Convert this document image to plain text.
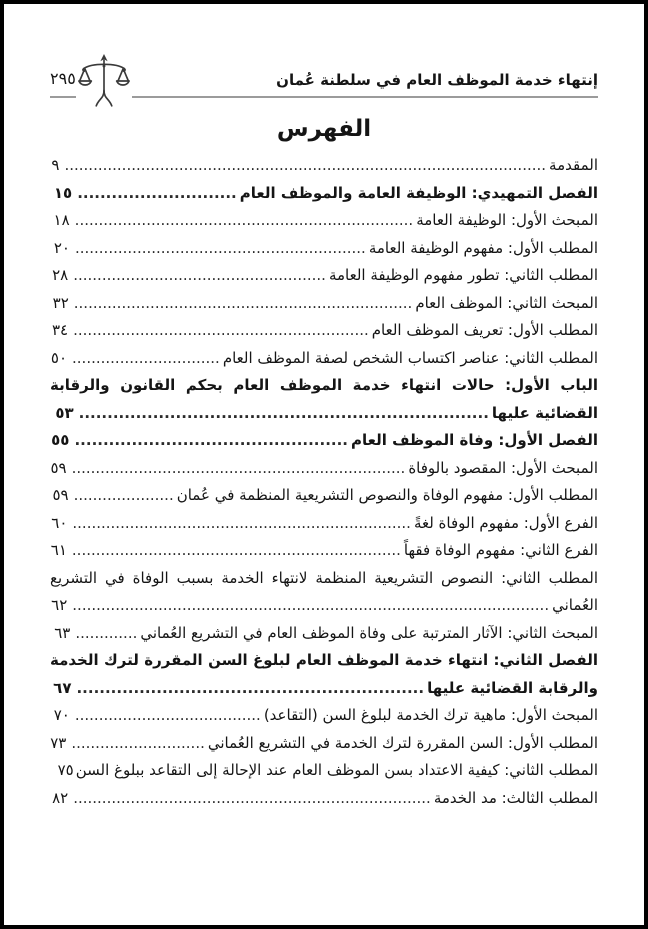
إنتهاء خدمة الموظف العام في سلطنة عُمان
٢٩٥
الفهرس

المقدمة.....................................................................................................٩

الفصل التمهيدي: الوظيفة العامة والموظف العام............................١٥

المبحث الأول: الوظيفة العامة.......................................................................١٨

المطلب الأول: مفهوم الوظيفة العامة.............................................................٢٠

المطلب الثاني: تطور مفهوم الوظيفة العامة.....................................................٢٨

المبحث الثاني: الموظف العام.......................................................................٣٢

المطلب الأول: تعريف الموظف العام..............................................................٣٤

المطلب الثاني: عناصر اكتساب الشخص لصفة الموظف العام...............................٥٠

الباب الأول: حالات انتهاء خدمة الموظف العام بحكم القانون والرقابة القضائية عليها........................................................................٥٣

الفصل الأول: وفاة الموظف العام................................................٥٥

المبحث الأول: المقصود بالوفاة......................................................................٥٩

المطلب الأول: مفهوم الوفاة والنصوص التشريعية المنظمة في عُمان.....................٥٩

الفرع الأول: مفهوم الوفاة لغةً.......................................................................٦٠

الفرع الثاني: مفهوم الوفاة فقهاً.....................................................................٦١

المطلب الثاني: النصوص التشريعية المنظمة لانتهاء الخدمة بسبب الوفاة في التشريع العُماني....................................................................................................٦٢

المبحث الثاني: الآثار المترتبة على وفاة الموظف العام في التشريع العُماني.............٦٣

الفصل الثاني: انتهاء خدمة الموظف العام لبلوغ السن المقررة لترك الخدمة والرقابة القضائية عليها.............................................................٦٧

المبحث الأول: ماهية ترك الخدمة لبلوغ السن (التقاعد).......................................٧٠

المطلب الأول: السن المقررة لترك الخدمة في التشريع العُماني............................٧٣

المطلب الثاني: كيفية الاعتداد بسن الموظف العام عند الإحالة إلى التقاعد ببلوغ السن٧٥

المطلب الثالث: مد الخدمة...........................................................................٨٢
